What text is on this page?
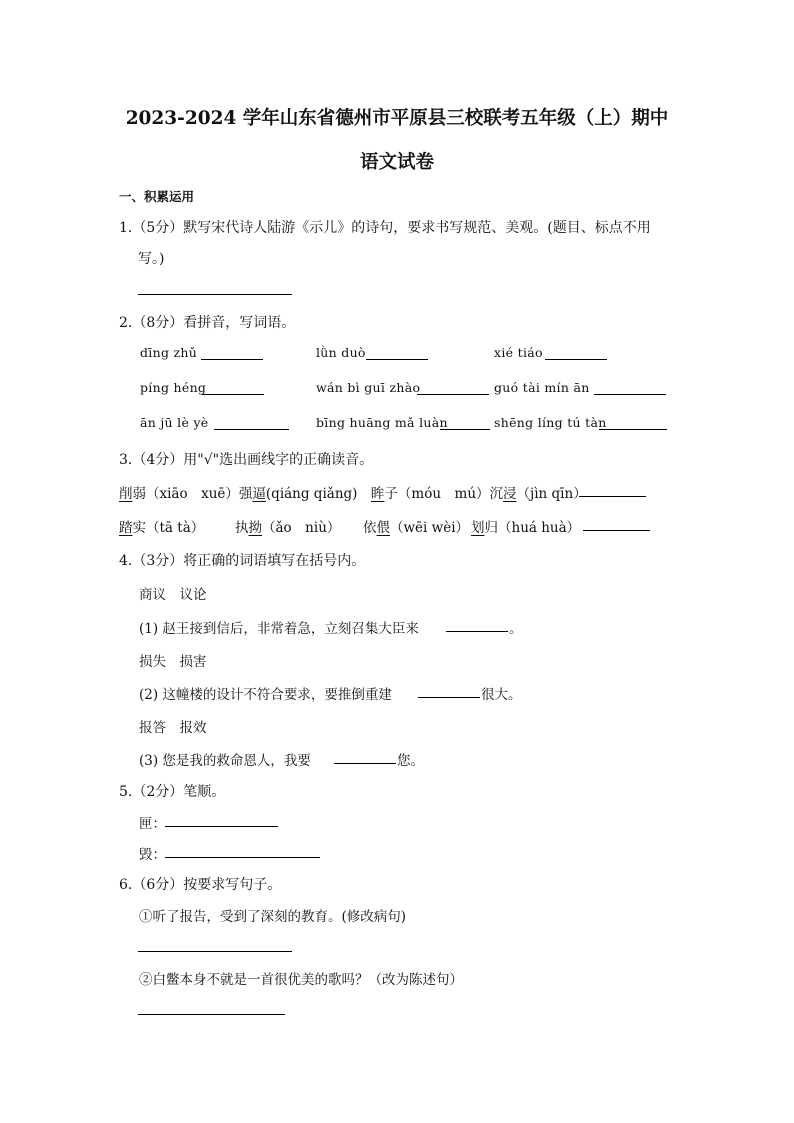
2023-2024 学年山东省德州市平原县三校联考五年级（上）期中
语文试卷
一、积累运用
1.（5分）默写宋代诗人陆游《示儿》的诗句，要求书写规范、美观。(题目、标点不用
写。)
2.（8分）看拼音，写词语。
dīng zhǔ	lǜn duò	xié tiáo
píng héng	wán bì guī zhào	guó tài mín ān
ān jū lè yè	bīng huāng mǎ luàn	shēng líng tú tàn
3.（4分）用"√"选出画线字的正确读音。
削弱（xiāo　xuē）强逼(qiáng qiǎng)　眸子（móu　mú）沉浸（jìn qīn）
踏实（tā tà） 执拗（ǎo　niù） 依偎（wēi wèi） 划归（huá huà）
4.（3分）将正确的词语填写在括号内。
商议　议论
(1) 赵王接到信后，非常着急，立刻召集大臣来	。
损失　损害
(2) 这幢楼的设计不符合要求，要推倒重建	很大。
报答　报效
(3) 您是我的救命恩人，我要	您。
5.（2分）笔顺。
匣：
毁：
6.（6分）按要求写句子。
①听了报告，受到了深刻的教育。(修改病句)
②白鳖本身不就是一首很优美的歌吗？（改为陈述句）
